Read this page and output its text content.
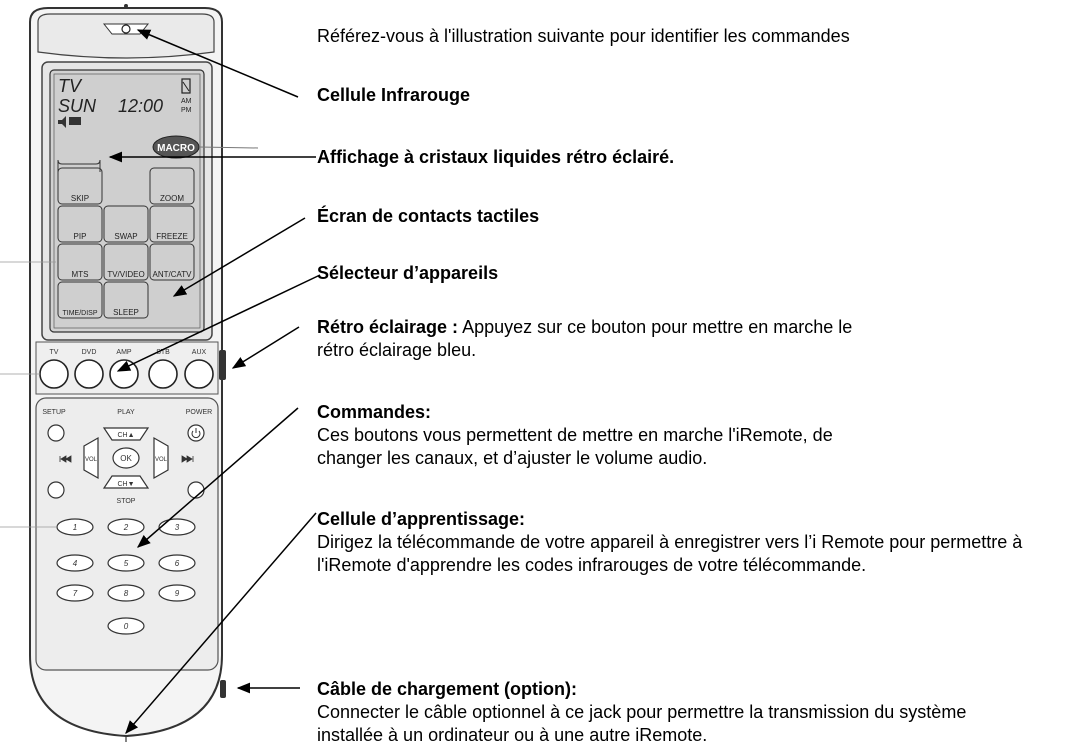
TV
SUN 12:00	AM
PM
MACRO
SKIP	ZOOM
PIP	SWAP FREEZE
MTS TV/VIDEO ANT/CATV
TIME/DISP SLEEP
TV	DVD	AMP	STB	AUX
SETUP	PLAY	POWER
CH▲
CH▼
VOL	VOL
OK
STOP
1	2	3
4	5	6
7	8	9
0
Référez-vous à l'illustration suivante pour identifier les commandes
Cellule Infrarouge
Affichage à cristaux liquides rétro éclairé.
Écran de contacts tactiles
Sélecteur d’appareils
Rétro éclairage : Appuyez sur ce bouton pour mettre en marche le rétro éclairage bleu.
Commandes:
Ces boutons vous permettent de mettre en marche l'iRemote, de changer les canaux, et d’ajuster le volume audio.
Cellule d’apprentissage:
Dirigez la télécommande de votre appareil à enregistrer vers l’i Remote pour permettre à l'iRemote d'apprendre les codes infrarouges de votre télécommande.
Câble de chargement (option):
Connecter le câble optionnel à ce jack pour permettre la transmission du système installée à un ordinateur ou à une autre iRemote.
